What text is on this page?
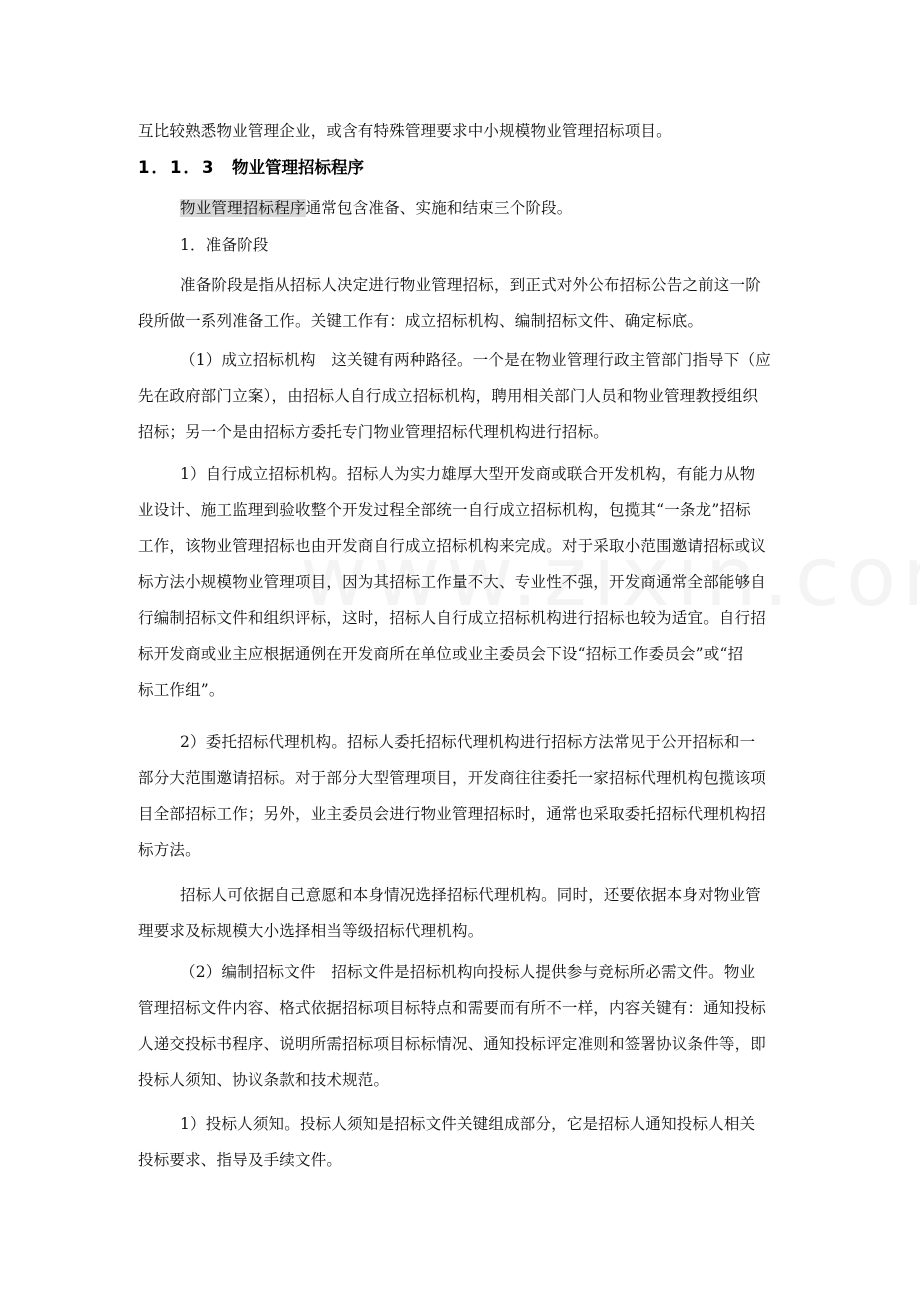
互比较熟悉物业管理企业，或含有特殊管理要求中小规模物业管理招标项目。
1．1．3　 物业管理招标程序
物业管理招标程序通常包含准备、实施和结束三个阶段。
1．准备阶段
准备阶段是指从招标人决定进行物业管理招标，到正式对外公布招标公告之前这一阶
段所做一系列准备工作。关键工作有：成立招标机构、编制招标文件、确定标底。
（1）成立招标机构　这关键有两种路径。一个是在物业管理行政主管部门指导下（应
先在政府部门立案），由招标人自行成立招标机构，聘用相关部门人员和物业管理教授组织
招标；另一个是由招标方委托专门物业管理招标代理机构进行招标。
1）自行成立招标机构。招标人为实力雄厚大型开发商或联合开发机构，有能力从物
业设计、施工监理到验收整个开发过程全部统一自行成立招标机构，包揽其“一条龙”招标
工作，该物业管理招标也由开发商自行成立招标机构来完成。对于采取小范围邀请招标或议
标方法小规模物业管理项目，因为其招标工作量不大、专业性不强，开发商通常全部能够自
行编制招标文件和组织评标，这时，招标人自行成立招标机构进行招标也较为适宜。自行招
标开发商或业主应根据通例在开发商所在单位或业主委员会下设“招标工作委员会”或“招
标工作组”。
2）委托招标代理机构。招标人委托招标代理机构进行招标方法常见于公开招标和一
部分大范围邀请招标。对于部分大型管理项目，开发商往往委托一家招标代理机构包揽该项
目全部招标工作；另外，业主委员会进行物业管理招标时，通常也采取委托招标代理机构招
标方法。
招标人可依据自己意愿和本身情况选择招标代理机构。同时，还要依据本身对物业管
理要求及标规模大小选择相当等级招标代理机构。
（2）编制招标文件　招标文件是招标机构向投标人提供参与竞标所必需文件。物业
管理招标文件内容、格式依据招标项目标特点和需要而有所不一样，内容关键有：通知投标
人递交投标书程序、说明所需招标项目标标情况、通知投标评定准则和签署协议条件等，即
投标人须知、协议条款和技术规范。
1）投标人须知。投标人须知是招标文件关键组成部分，它是招标人通知投标人相关
投标要求、指导及手续文件。
